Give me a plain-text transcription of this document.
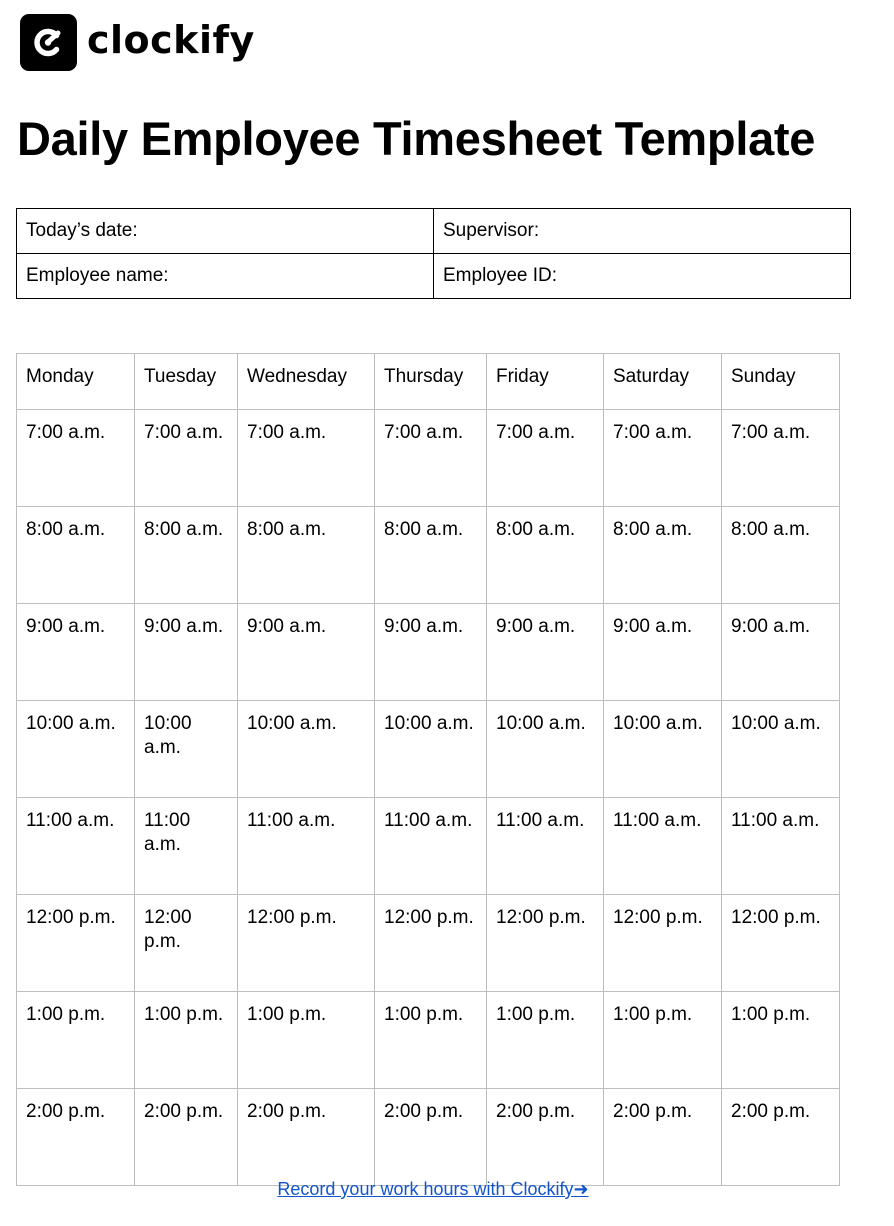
clockify
Daily Employee Timesheet Template
Today’s date:	Supervisor:
Employee name:	Employee ID:
Monday	Tuesday	Wednesday	Thursday	Friday	Saturday	Sunday
7:00 a.m.	7:00 a.m.	7:00 a.m.	7:00 a.m.	7:00 a.m.	7:00 a.m.	7:00 a.m.
8:00 a.m.	8:00 a.m.	8:00 a.m.	8:00 a.m.	8:00 a.m.	8:00 a.m.	8:00 a.m.
9:00 a.m.	9:00 a.m.	9:00 a.m.	9:00 a.m.	9:00 a.m.	9:00 a.m.	9:00 a.m.
10:00 a.m.	10:00 a.m.	10:00 a.m.	10:00 a.m.	10:00 a.m.	10:00 a.m.	10:00 a.m.
11:00 a.m.	11:00 a.m.	11:00 a.m.	11:00 a.m.	11:00 a.m.	11:00 a.m.	11:00 a.m.
12:00 p.m.	12:00 p.m.	12:00 p.m.	12:00 p.m.	12:00 p.m.	12:00 p.m.	12:00 p.m.
1:00 p.m.	1:00 p.m.	1:00 p.m.	1:00 p.m.	1:00 p.m.	1:00 p.m.	1:00 p.m.
2:00 p.m.	2:00 p.m.	2:00 p.m.	2:00 p.m.	2:00 p.m.	2:00 p.m.	2:00 p.m.
Record your work hours with Clockify➜
